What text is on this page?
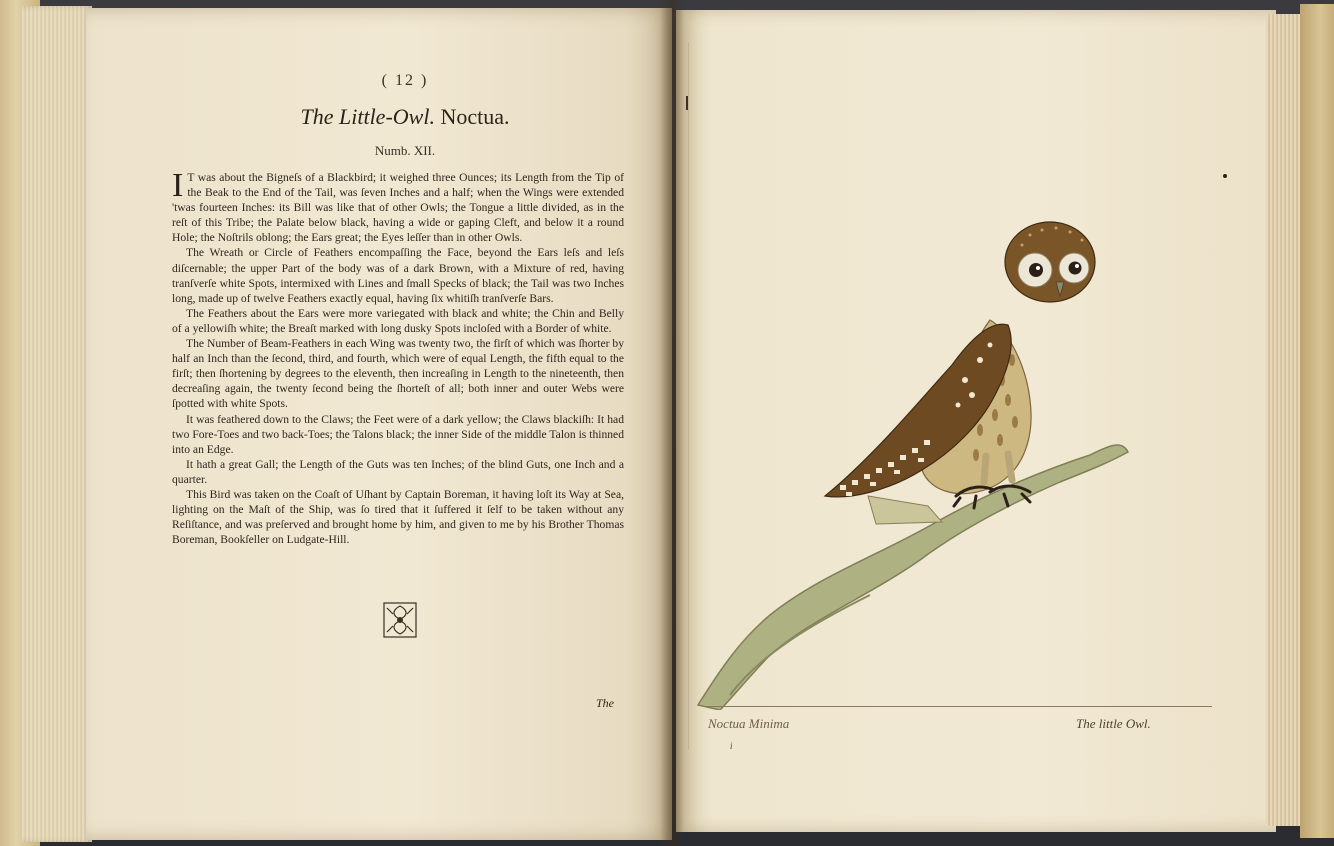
( 12 )
The Little-Owl. Noctua.
Numb. XII.

I T was about the Bigneſs of a Blackbird; it weighed three Ounces; its Length from the Tip of the Beak to the End of the Tail, was ſeven Inches and a half; when the Wings were extended 'twas fourteen Inches: its Bill was like that of other Owls; the Tongue a little divided, as in the reſt of this Tribe; the Palate below black, having a wide or gaping Cleft, and below it a round Hole; the Noſtrils oblong; the Ears great; the Eyes leſſer than in other Owls.

The Wreath or Circle of Feathers encompaſſing the Face, beyond the Ears leſs and leſs diſcernable; the upper Part of the body was of a dark Brown, with a Mixture of red, having tranſverſe white Spots, intermixed with Lines and ſmall Specks of black; the Tail was two Inches long, made up of twelve Feathers exactly equal, having ſix whitiſh tranſverſe Bars.

The Feathers about the Ears were more variegated with black and white; the Chin and Belly of a yellowiſh white; the Breaſt marked with long dusky Spots incloſed with a Border of white.

The Number of Beam-Feathers in each Wing was twenty two, the firſt of which was ſhorter by half an Inch than the ſecond, third, and fourth, which were of equal Length, the fifth equal to the firſt; then ſhortening by degrees to the eleventh, then increaſing in Length to the nineteenth, then decreaſing again, the twenty ſecond being the ſhorteſt of all; both inner and outer Webs were ſpotted with white Spots.

It was feathered down to the Claws; the Feet were of a dark yellow; the Claws blackiſh: It had two Fore-Toes and two back-Toes; the Talons black; the inner Side of the middle Talon is thinned into an Edge.

It hath a great Gall; the Length of the Guts was ten Inches; of the blind Guts, one Inch and a quarter.

This Bird was taken on the Coaſt of Uſhant by Captain Boreman, it having loſt its Way at Sea, lighting on the Maſt of the Ship, was ſo tired that it ſuffered it ſelf to be taken without any Reſiſtance, and was preſerved and brought home by him, and given to me by his Brother Thomas Boreman, Bookſeller on Ludgate-Hill.

The
Noctua Minima	The little Owl.
i
